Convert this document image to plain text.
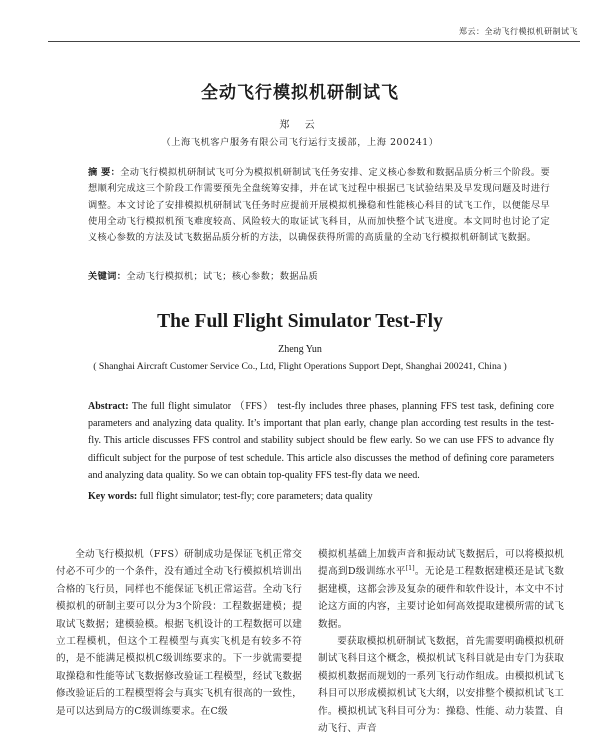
郑云：全动飞行模拟机研制试飞
全动飞行模拟机研制试飞
郑 云
（上海飞机客户服务有限公司飞行运行支援部，上海 200241）
摘 要：全动飞行模拟机研制试飞可分为模拟机研制试飞任务安排、定义核心参数和数据品质分析三个阶段。要想顺利完成这三个阶段工作需要预先全盘统筹安排，并在试飞过程中根据已飞试验结果及早发现问题及时进行调整。本文讨论了安排模拟机研制试飞任务时应提前开展模拟机操稳和性能核心科目的试飞工作，以便能尽早使用全动飞行模拟机预飞难度较高、风险较大的取证试飞科目，从而加快整个试飞进度。本文同时也讨论了定义核心参数的方法及试飞数据品质分析的方法，以确保获得所需的高质量的全动飞行模拟机研制试飞数据。
关键词：全动飞行模拟机；试飞；核心参数；数据品质
The Full Flight Simulator Test-Fly
Zheng Yun
( Shanghai Aircraft Customer Service Co., Ltd, Flight Operations Support Dept, Shanghai 200241, China )
Abstract: The full flight simulator （FFS） test-fly includes three phases, planning FFS test task, defining core parameters and analyzing data quality. It’s important that plan early, change plan according test results in the test-fly. This article discusses FFS control and stability subject should be flew early. So we can use FFS to advance fly difficult subject for the purpose of test schedule. This article also discusses the method of defining core parameters and analyzing data quality. So we can obtain top-quality FFS test-fly data we need.
Key words: full flight simulator; test-fly; core parameters; data quality

全动飞行模拟机（FFS）研制成功是保证飞机正常交付必不可少的一个条件，没有通过全动飞行模拟机培训出合格的飞行员，同样也不能保证飞机正常运营。全动飞行模拟机的研制主要可以分为3个阶段：工程数据建模；提取试飞数据；建模验模。根据飞机设计的工程数据可以建立工程模机，但这个工程模型与真实飞机是有较多不符的，是不能满足模拟机C级训练要求的。下一步就需要提取操稳和性能等试飞数据修改验证工程模型，经试飞数据修改验证后的工程模型将会与真实飞机有很高的一致性，是可以达到局方的C级训练要求。在C级

模拟机基础上加载声音和振动试飞数据后，可以将模拟机提高到D级训练水平[1]。无论是工程数据建模还是试飞数据建模，这都会涉及复杂的硬件和软件设计，本文中不讨论这方面的内容，主要讨论如何高效提取建模所需的试飞数据。

要获取模拟机研制试飞数据，首先需要明确模拟机研制试飞科目这个概念，模拟机试飞科目就是由专门为获取模拟机数据而规划的一系列飞行动作组成。由模拟机试飞科目可以形成模拟机试飞大纲，以安排整个模拟机试飞工作。模拟机试飞科目可分为：操稳、性能、动力装置、自动飞行、声音
